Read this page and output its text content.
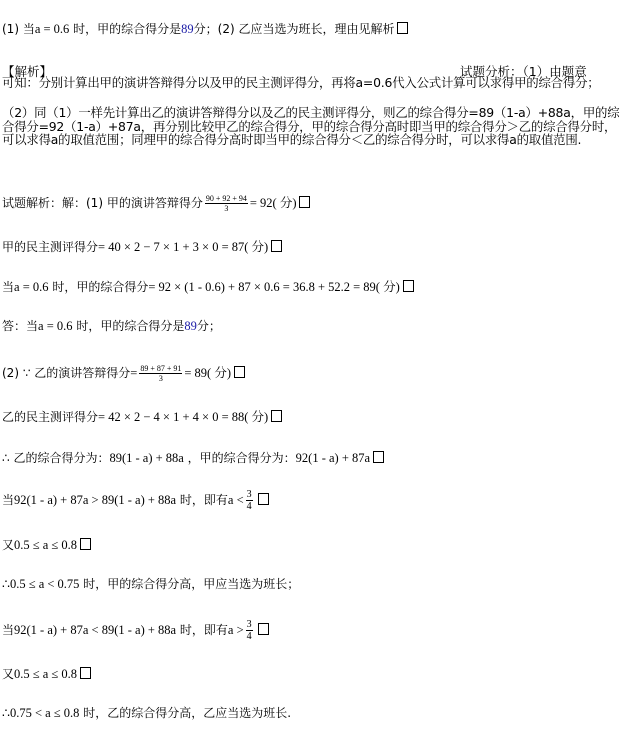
(1) 当a = 0.6 时，甲的综合得分是89分；(2) 乙应当选为班长，理由见解析
【解析】	试题分析：（1）由题意
可知：分别计算出甲的演讲答辩得分以及甲的民主测评得分，再将a=0.6代入公式计算可以求得甲的综合得分；
（2）同（1）一样先计算出乙的演讲答辩得分以及乙的民主测评得分，则乙的综合得分=89（1-a）+88a，甲的综合得分=92（1-a）+87a，再分别比较甲乙的综合得分，甲的综合得分高时即当甲的综合得分＞乙的综合得分时，可以求得a的取值范围；同理甲的综合得分高时即当甲的综合得分＜乙的综合得分时，可以求得a的取值范围.
试题解析：解：(1) 甲的演讲答辩得分 $\frac{90 + 92 + 94}{3} = 92$( 分)
甲的民主测评得分= 40 × 2 − 7 × 1 + 3 × 0 = 87( 分)
当a = 0.6 时，甲的综合得分= 92 × (1 - 0.6) + 87 × 0.6 = 36.8 + 52.2 = 89( 分)
答：当a = 0.6 时，甲的综合得分是89分；
(2) ∵ 乙的演讲答辩得分= $\frac{89 + 87 + 91}{3} = 89$( 分)
乙的民主测评得分= 42 × 2 − 4 × 1 + 4 × 0 = 88( 分)
∴ 乙的综合得分为：89(1 - a) + 88a ，甲的综合得分为：92(1 - a) + 87a
当92(1 - a) + 87a > 89(1 - a) + 88a 时，即有$a < \frac{3}{4}$
又0.5 ≤ a ≤ 0.8
∴0.5 ≤ a < 0.75 时，甲的综合得分高，甲应当选为班长；
当92(1 - a) + 87a < 89(1 - a) + 88a 时，即有$a > \frac{3}{4}$
又0.5 ≤ a ≤ 0.8
∴0.75 < a ≤ 0.8 时，乙的综合得分高，乙应当选为班长.
